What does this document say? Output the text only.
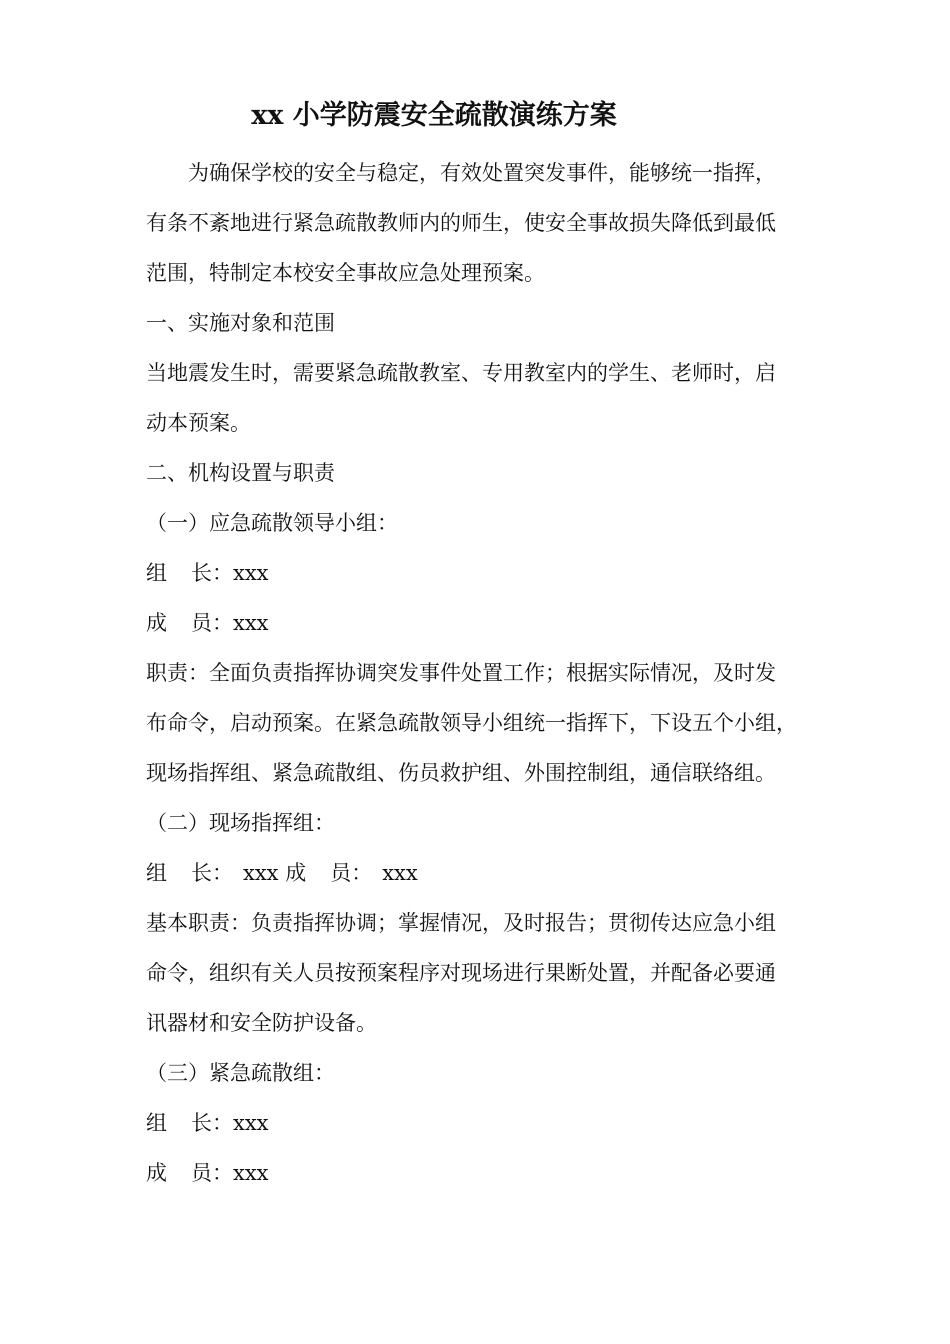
xx 小学防震安全疏散演练方案
为确保学校的安全与稳定，有效处置突发事件，能够统一指挥，
有条不紊地进行紧急疏散教师内的师生，使安全事故损失降低到最低
范围，特制定本校安全事故应急处理预案。
一、实施对象和范围
当地震发生时，需要紧急疏散教室、专用教室内的学生、老师时，启
动本预案。
二、机构设置与职责
（一）应急疏散领导小组：
组 长：xxx
成 员：xxx
职责：全面负责指挥协调突发事件处置工作；根据实际情况，及时发
布命令，启动预案。在紧急疏散领导小组统一指挥下，下设五个小组，
现场指挥组、紧急疏散组、伤员救护组、外围控制组，通信联络组。
（二）现场指挥组：
组 长： xxx 成 员： xxx
基本职责：负责指挥协调；掌握情况，及时报告；贯彻传达应急小组
命令，组织有关人员按预案程序对现场进行果断处置，并配备必要通
讯器材和安全防护设备。
（三）紧急疏散组：
组 长：xxx
成 员：xxx
